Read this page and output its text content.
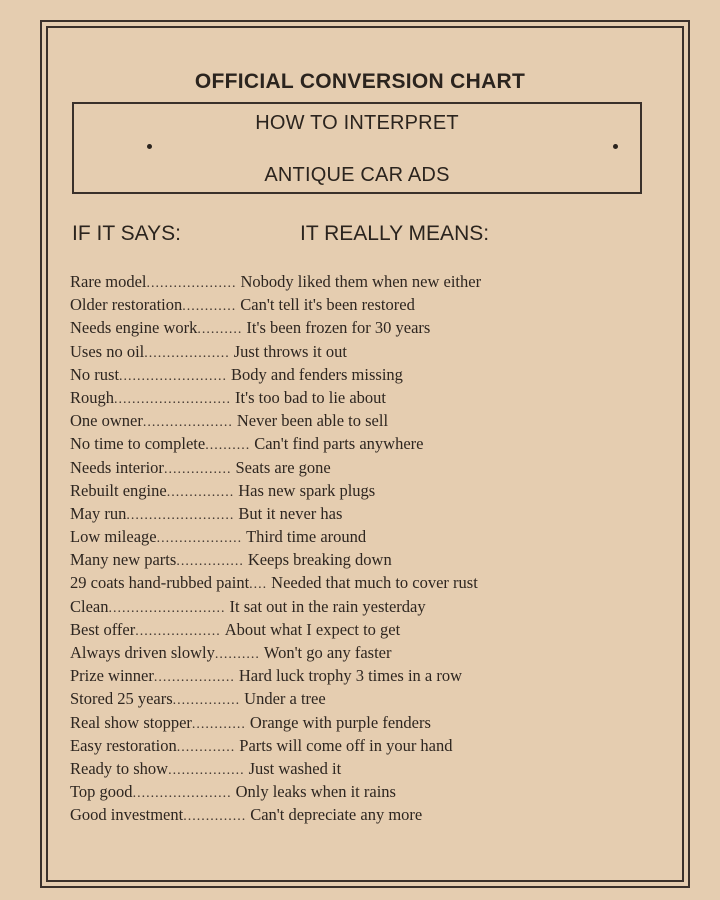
OFFICIAL CONVERSION CHART
HOW TO INTERPRET
ANTIQUE CAR ADS
IF IT SAYS:	IT REALLY MEANS:
Rare model .................... Nobody liked them when new either
Older restoration ............ Can't tell it's been restored
Needs engine work .......... It's been frozen for 30 years
Uses no oil ................... Just throws it out
No rust ........................ Body and fenders missing
Rough .......................... It's too bad to lie about
One owner .................... Never been able to sell
No time to complete .......... Can't find parts anywhere
Needs interior ............... Seats are gone
Rebuilt engine ............... Has new spark plugs
May run ........................ But it never has
Low mileage ................... Third time around
Many new parts ............... Keeps breaking down
29 coats hand-rubbed paint .... Needed that much to cover rust
Clean .......................... It sat out in the rain yesterday
Best offer ................... About what I expect to get
Always driven slowly .......... Won't go any faster
Prize winner .................. Hard luck trophy 3 times in a row
Stored 25 years ............... Under a tree
Real show stopper ............ Orange with purple fenders
Easy restoration ............. Parts will come off in your hand
Ready to show ................. Just washed it
Top good ...................... Only leaks when it rains
Good investment .............. Can't depreciate any more
